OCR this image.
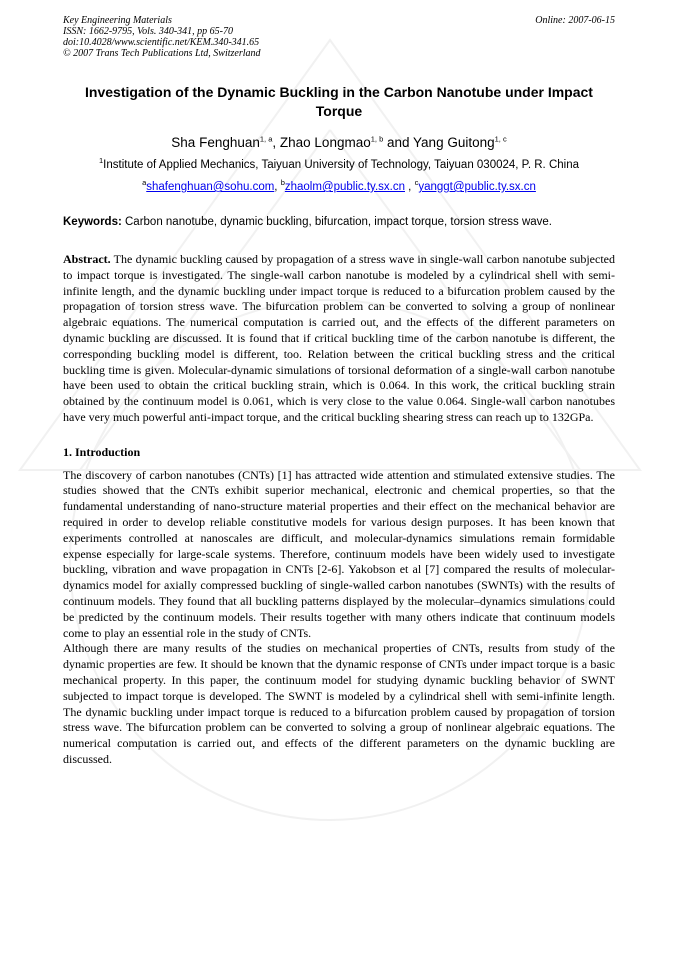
Key Engineering Materials
ISSN: 1662-9795, Vols. 340-341, pp 65-70
doi:10.4028/www.scientific.net/KEM.340-341.65
© 2007 Trans Tech Publications Ltd, Switzerland
Online: 2007-06-15
Investigation of the Dynamic Buckling in the Carbon Nanotube under Impact Torque
Sha Fenghuan$^{1, a}$, Zhao Longmao$^{1, b}$ and Yang Guitong$^{1, c}$
$^1$Institute of Applied Mechanics, Taiyuan University of Technology, Taiyuan 030024, P. R. China
$^a$shafenghuan@sohu.com, $^b$zhaolm@public.ty.sx.cn , $^c$yanggt@public.ty.sx.cn
Keywords: Carbon nanotube, dynamic buckling, bifurcation, impact torque, torsion stress wave.
Abstract. The dynamic buckling caused by propagation of a stress wave in single-wall carbon nanotube subjected to impact torque is investigated. The single-wall carbon nanotube is modeled by a cylindrical shell with semi-infinite length, and the dynamic buckling under impact torque is reduced to a bifurcation problem caused by the propagation of torsion stress wave. The bifurcation problem can be converted to solving a group of nonlinear algebraic equations. The numerical computation is carried out, and the effects of the different parameters on dynamic buckling are discussed. It is found that if critical buckling time of the carbon nanotube is different, the corresponding buckling model is different, too. Relation between the critical buckling stress and the critical buckling time is given. Molecular-dynamic simulations of torsional deformation of a single-wall carbon nanotube have been used to obtain the critical buckling strain, which is 0.064. In this work, the critical buckling strain obtained by the continuum model is 0.061, which is very close to the value 0.064. Single-wall carbon nanotubes have very much powerful anti-impact torque, and the critical buckling shearing stress can reach up to 132GPa.
1. Introduction

The discovery of carbon nanotubes (CNTs) [1] has attracted wide attention and stimulated extensive studies. The studies showed that the CNTs exhibit superior mechanical, electronic and chemical properties, so that the fundamental understanding of nano-structure material properties and their effect on the mechanical behavior are required in order to develop reliable constitutive models for various design purposes. It has been known that experiments controlled at nanoscales are difficult, and molecular-dynamics simulations remain formidable expense especially for large-scale systems. Therefore, continuum models have been widely used to investigate buckling, vibration and wave propagation in CNTs [2-6]. Yakobson et al [7] compared the results of molecular-dynamics model for axially compressed buckling of single-walled carbon nanotubes (SWNTs) with the results of continuum models. They found that all buckling patterns displayed by the molecular–dynamics simulations could be predicted by the continuum models. Their results together with many others indicate that continuum models come to play an essential role in the study of CNTs.

Although there are many results of the studies on mechanical properties of CNTs, results from study of the dynamic properties are few. It should be known that the dynamic response of CNTs under impact torque is a basic mechanical property. In this paper, the continuum model for studying dynamic buckling behavior of SWNT subjected to impact torque is developed. The SWNT is modeled by a cylindrical shell with semi-infinite length. The dynamic buckling under impact torque is reduced to a bifurcation problem caused by propagation of torsion stress wave. The bifurcation problem can be converted to solving a group of nonlinear algebraic equations. The numerical computation is carried out, and effects of the different parameters on the dynamic buckling are discussed.
